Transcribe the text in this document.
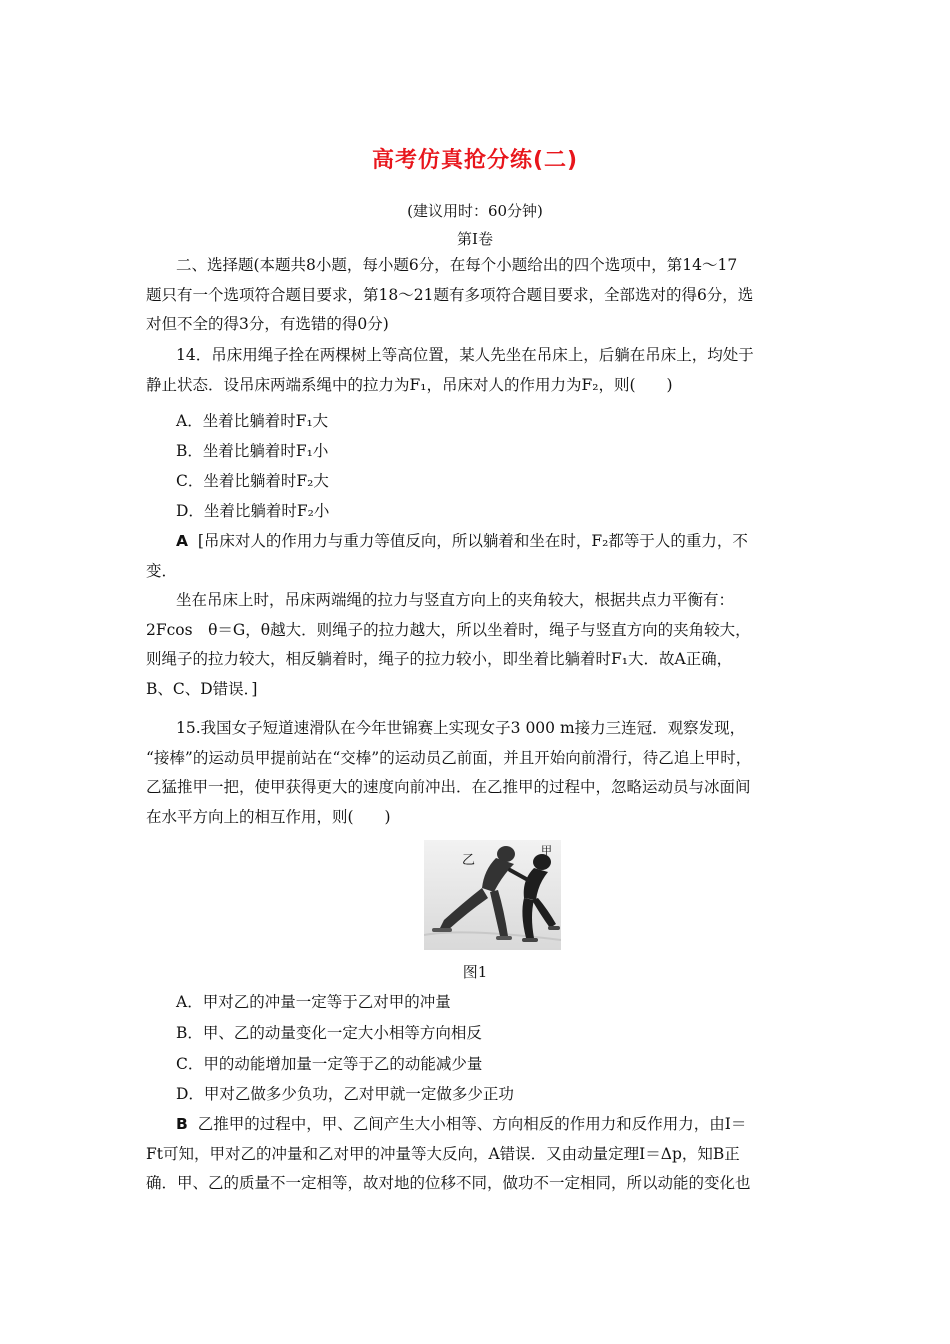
高考仿真抢分练(二)
(建议用时：60分钟)
第Ⅰ卷
二、选择题(本题共8小题，每小题6分，在每个小题给出的四个选项中，第14～17
题只有一个选项符合题目要求，第18～21题有多项符合题目要求，全部选对的得6分，选
对但不全的得3分，有选错的得0分)
14．吊床用绳子拴在两棵树上等高位置，某人先坐在吊床上，后躺在吊床上，均处于
静止状态．设吊床两端系绳中的拉力为F₁，吊床对人的作用力为F₂，则(　　)
A．坐着比躺着时F₁大
B．坐着比躺着时F₁小
C．坐着比躺着时F₂大
D．坐着比躺着时F₂小
A [吊床对人的作用力与重力等值反向，所以躺着和坐在时，F₂都等于人的重力，不
变．
坐在吊床上时，吊床两端绳的拉力与竖直方向上的夹角较大，根据共点力平衡有：
2Fcos　θ＝G，θ越大．则绳子的拉力越大，所以坐着时，绳子与竖直方向的夹角较大，
则绳子的拉力较大，相反躺着时，绳子的拉力较小，即坐着比躺着时F₁大．故A正确，
B、C、D错误．]
15.我国女子短道速滑队在今年世锦赛上实现女子3 000 m接力三连冠．观察发现，
“接棒”的运动员甲提前站在“交棒”的运动员乙前面，并且开始向前滑行，待乙追上甲时，
乙猛推甲一把，使甲获得更大的速度向前冲出．在乙推甲的过程中，忽略运动员与冰面间
在水平方向上的相互作用，则(　　)
乙
甲
图1
A．甲对乙的冲量一定等于乙对甲的冲量
B．甲、乙的动量变化一定大小相等方向相反
C．甲的动能增加量一定等于乙的动能减少量
D．甲对乙做多少负功，乙对甲就一定做多少正功
B 乙推甲的过程中，甲、乙间产生大小相等、方向相反的作用力和反作用力，由I＝
Ft可知，甲对乙的冲量和乙对甲的冲量等大反向，A错误．又由动量定理I＝Δp，知B正
确．甲、乙的质量不一定相等，故对地的位移不同，做功不一定相同，所以动能的变化也
